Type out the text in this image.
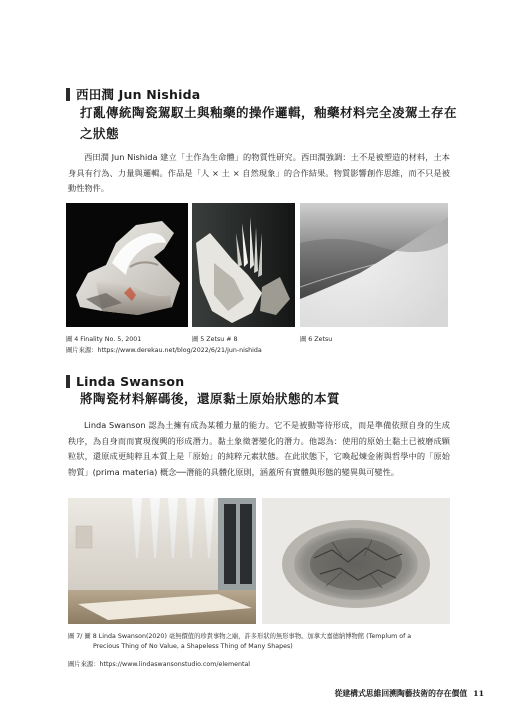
西田潤 Jun Nishida
打亂傳統陶瓷駕馭土與釉藥的操作邏輯，釉藥材料完全凌駕土存在
之狀態
西田潤 Jun Nishida 建立「土作為生命體」的物質性研究。西田潤強調：土不是被塑造的材料，土本身具有行為、力量與邏輯。作品是「人 × 土 × 自然現象」的合作結果。物質影響創作思維，而不只是被動性物件。
圖 4 Finality No. 5, 2001	圖 5 Zetsu # 8	圖 6 Zetsu
圖片來源：https://www.derekau.net/blog/2022/6/21/jun-nishida
Linda Swanson
將陶瓷材料解碼後，還原黏土原始狀態的本質
Linda Swanson 認為土擁有成為某種力量的能力。它不是被動等待形成，而是準備依照自身的生成秩序，為自身而而實現復興的形成潛力。黏土象徵著變化的潛力。他認為：使用的原始土黏土已被磨成顆粒狀，還原成更純粹且本質上是「原始」的純粹元素狀態。在此狀態下，它喚起煉金術與哲學中的「原始物質」(prima materia) 概念──潛能的具體化原則，涵蓋所有實體與形態的變異與可變性。
圖 7/ 圖 8 Linda Swanson(2020) 毫無價值的珍貴事物之廟，許多形狀的無形事物。加拿大嘉德納博物館 (Templum of a
Precious Thing of No Value, a Shapeless Thing of Many Shapes)
圖片來源：https://www.lindaswansonstudio.com/elemental
從建構式思維回溯陶藝技術的存在價值 11
